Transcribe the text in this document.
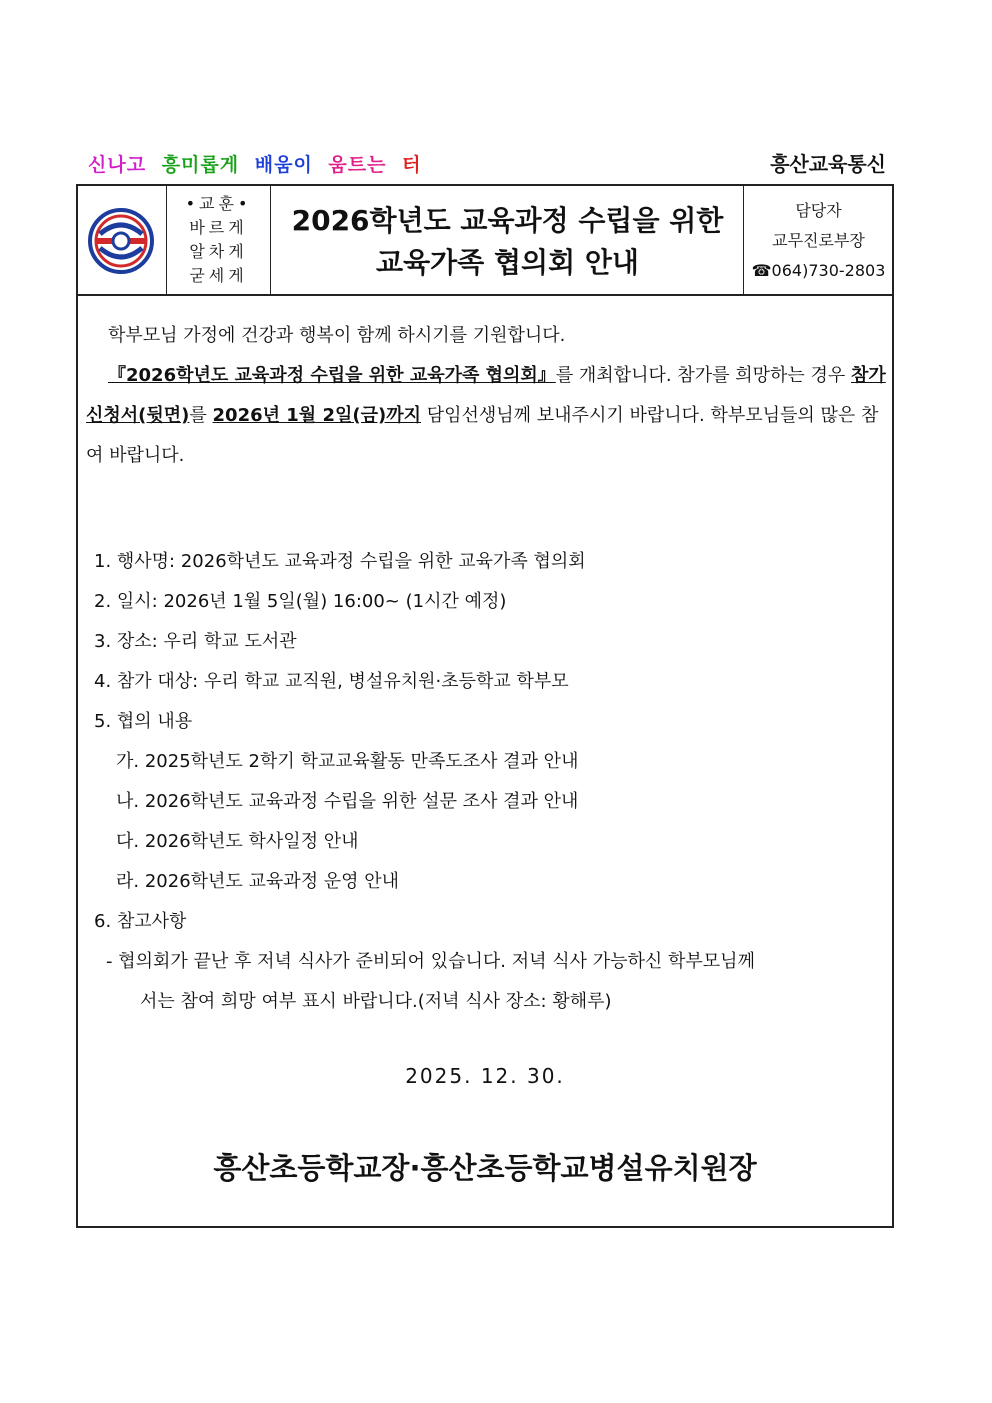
신나고 흥미롭게 배움이 움트는 터	흥산교육통신
•교훈•
바르게
알차게
굳세게
2026학년도 교육과정 수립을 위한
교육가족 협의회 안내
담당자
교무진로부장
☎064)730-2803
학부모님 가정에 건강과 행복이 함께 하시기를 기원합니다.
『2026학년도 교육과정 수립을 위한 교육가족 협의회』를 개최합니다. 참가를 희망하는 경우 참가 신청서(뒷면)를 2026년 1월 2일(금)까지 담임선생님께 보내주시기 바랍니다. 학부모님들의 많은 참여 바랍니다.
1. 행사명: 2026학년도 교육과정 수립을 위한 교육가족 협의회
2. 일시: 2026년 1월 5일(월) 16:00~ (1시간 예정)
3. 장소: 우리 학교 도서관
4. 참가 대상: 우리 학교 교직원, 병설유치원·초등학교 학부모
5. 협의 내용
가. 2025학년도 2학기 학교교육활동 만족도조사 결과 안내
나. 2026학년도 교육과정 수립을 위한 설문 조사 결과 안내
다. 2026학년도 학사일정 안내
라. 2026학년도 교육과정 운영 안내
6. 참고사항
- 협의회가 끝난 후 저녁 식사가 준비되어 있습니다. 저녁 식사 가능하신 학부모님께
서는 참여 희망 여부 표시 바랍니다.(저녁 식사 장소: 황해루)
2025. 12. 30.
흥산초등학교장·흥산초등학교병설유치원장
